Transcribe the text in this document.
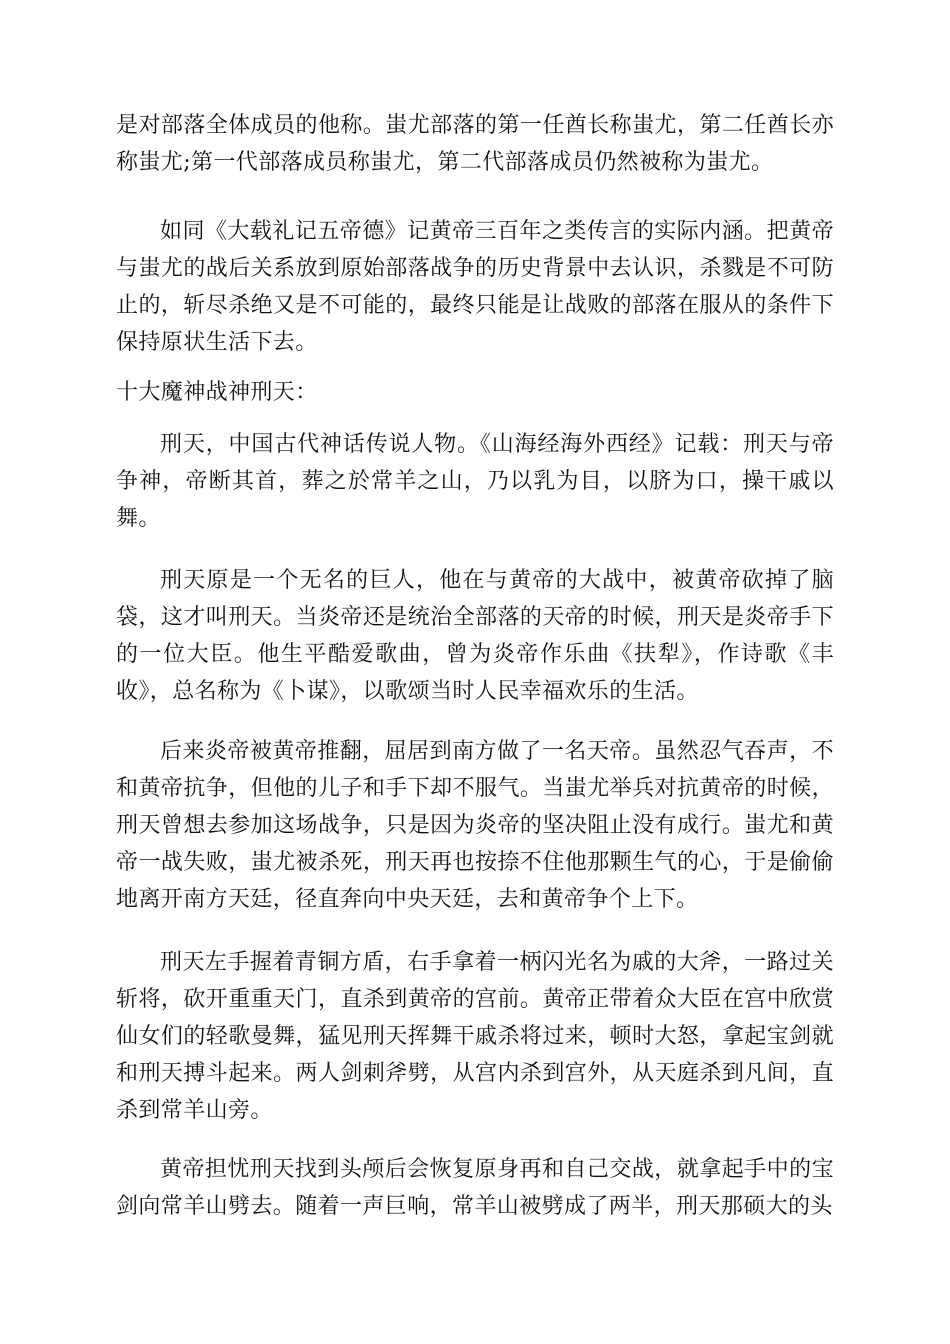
是对部落全体成员的他称。蚩尤部落的第一任酋长称蚩尤，第二任酋长亦称蚩尤;第一代部落成员称蚩尤，第二代部落成员仍然被称为蚩尤。

如同《大载礼记五帝德》记黄帝三百年之类传言的实际内涵。把黄帝与蚩尤的战后关系放到原始部落战争的历史背景中去认识，杀戮是不可防止的，斩尽杀绝又是不可能的，最终只能是让战败的部落在服从的条件下保持原状生活下去。

十大魔神战神刑天：

刑天，中国古代神话传说人物。《山海经海外西经》记载：刑天与帝争神，帝断其首，葬之於常羊之山，乃以乳为目，以脐为口，操干戚以舞。

刑天原是一个无名的巨人，他在与黄帝的大战中，被黄帝砍掉了脑袋，这才叫刑天。当炎帝还是统治全部落的天帝的时候，刑天是炎帝手下的一位大臣。他生平酷爱歌曲，曾为炎帝作乐曲《扶犁》，作诗歌《丰收》，总名称为《卜谋》，以歌颂当时人民幸福欢乐的生活。

后来炎帝被黄帝推翻，屈居到南方做了一名天帝。虽然忍气吞声，不和黄帝抗争，但他的儿子和手下却不服气。当蚩尤举兵对抗黄帝的时候，刑天曾想去参加这场战争，只是因为炎帝的坚决阻止没有成行。蚩尤和黄帝一战失败，蚩尤被杀死，刑天再也按捺不住他那颗生气的心，于是偷偷地离开南方天廷，径直奔向中央天廷，去和黄帝争个上下。

刑天左手握着青铜方盾，右手拿着一柄闪光名为戚的大斧，一路过关斩将，砍开重重天门，直杀到黄帝的宫前。黄帝正带着众大臣在宫中欣赏仙女们的轻歌曼舞，猛见刑天挥舞干戚杀将过来，顿时大怒，拿起宝剑就和刑天搏斗起来。两人剑刺斧劈，从宫内杀到宫外，从天庭杀到凡间，直杀到常羊山旁。

黄帝担忧刑天找到头颅后会恢复原身再和自己交战，就拿起手中的宝剑向常羊山劈去。随着一声巨响，常羊山被劈成了两半，刑天那硕大的头
